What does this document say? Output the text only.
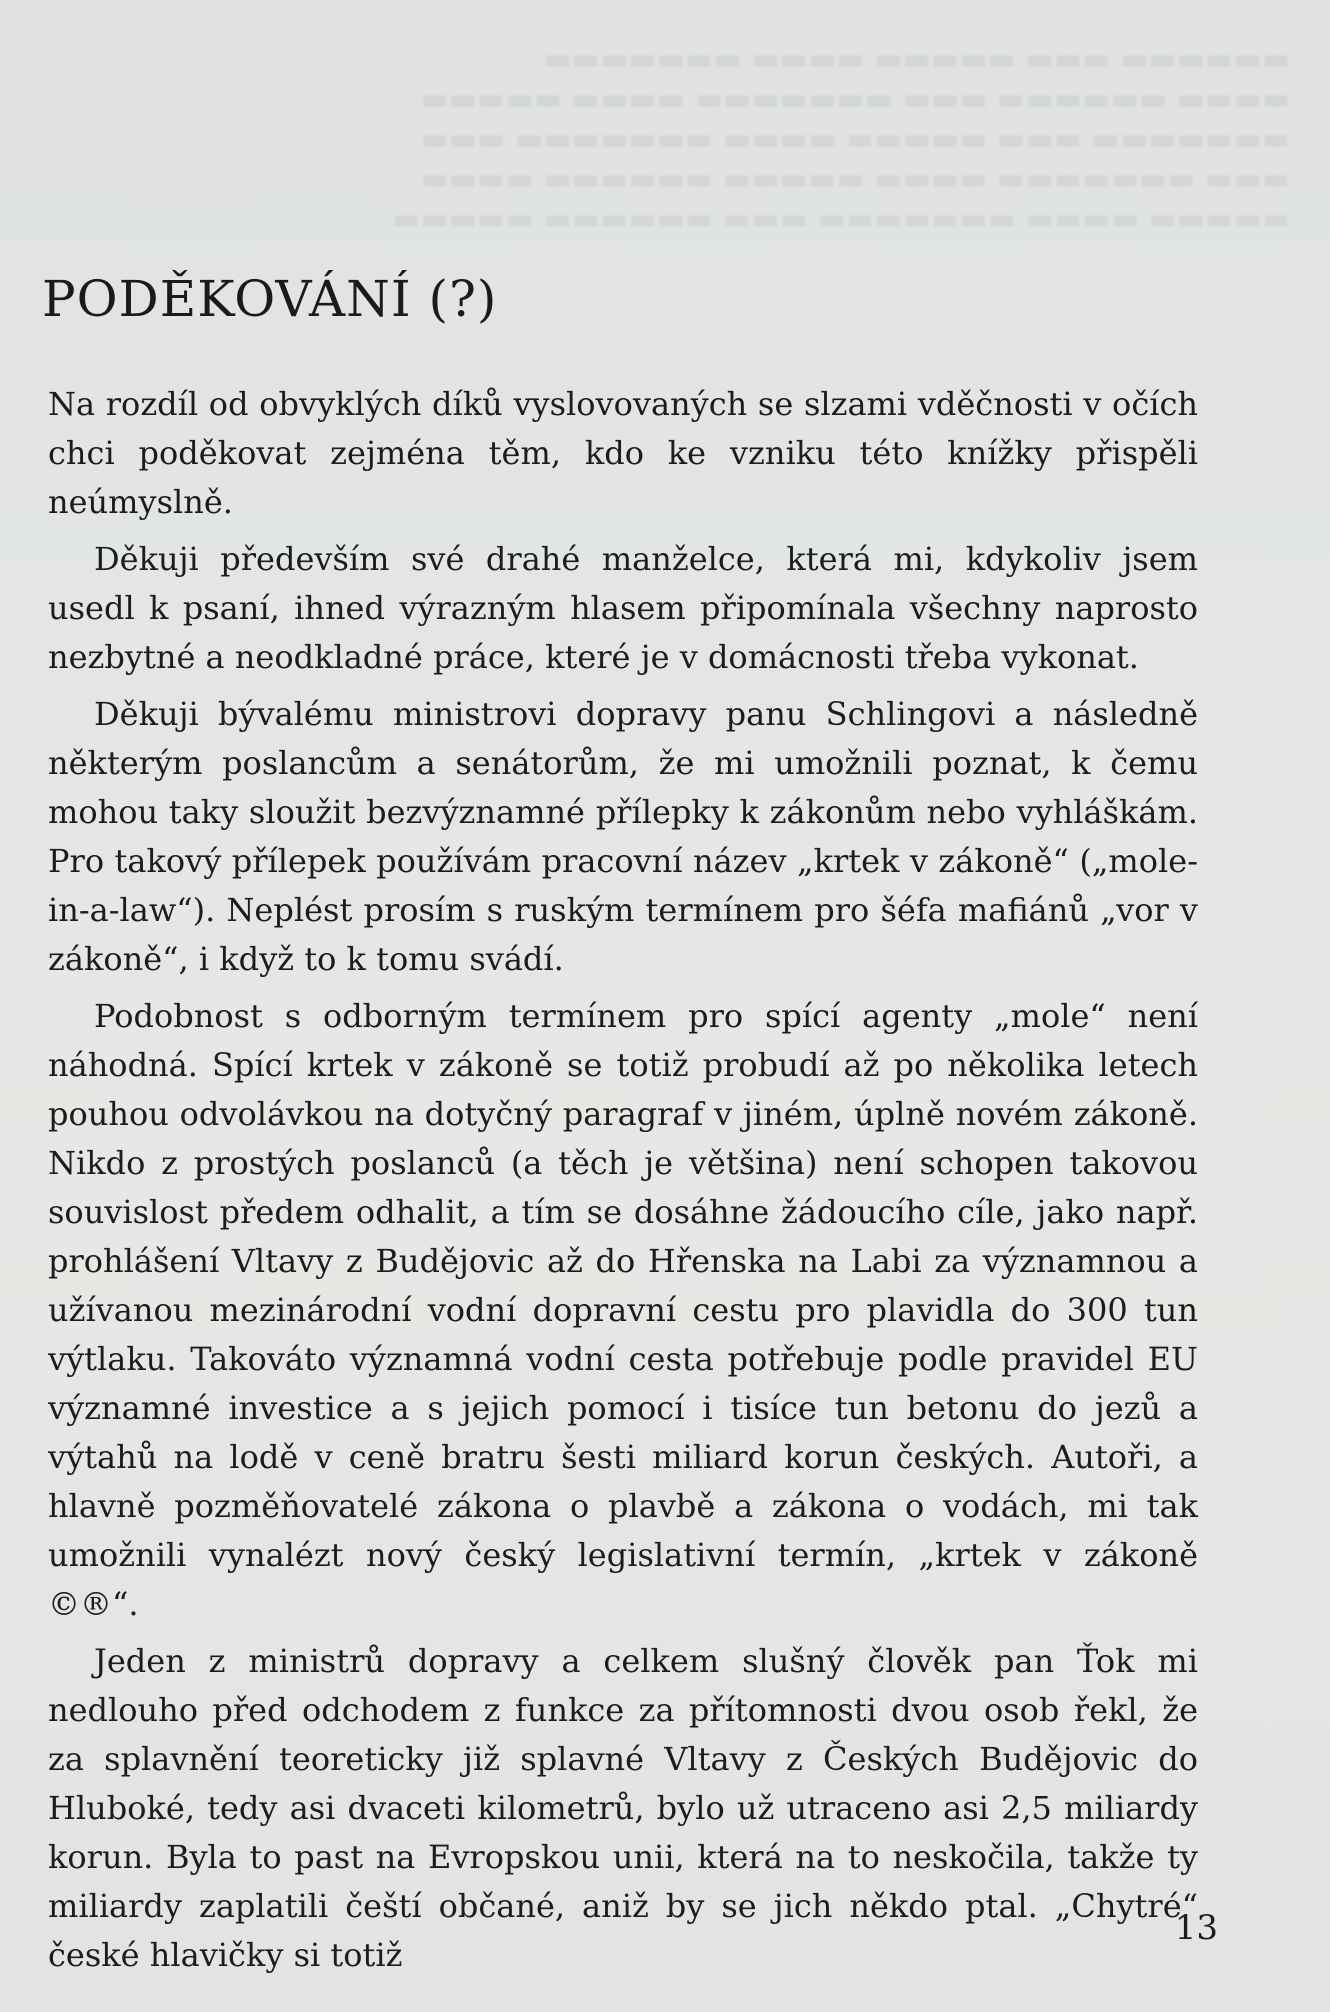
▬▬▬▬▬▬ ▬▬▬ ▬▬▬▬▬ ▬▬▬▬ ▬▬▬▬▬▬▬
▬▬▬▬ ▬▬▬▬▬▬ ▬▬▬ ▬▬▬▬▬▬▬ ▬▬▬▬ ▬▬▬▬▬
▬▬▬▬▬▬▬ ▬▬▬ ▬▬▬▬▬ ▬▬▬▬ ▬▬▬▬▬▬▬ ▬▬▬
▬▬▬ ▬▬▬▬▬▬▬ ▬▬▬▬ ▬▬▬▬▬ ▬▬▬▬▬▬ ▬▬▬▬
▬▬▬▬▬ ▬▬▬▬ ▬▬▬▬▬▬▬ ▬▬▬ ▬▬▬▬▬▬ ▬▬▬▬▬
PODĚKOVÁNÍ (?)

Na rozdíl od obvyklých díků vyslovovaných se slzami vděčnosti v očích chci poděkovat zejména těm, kdo ke vzniku této knížky přispěli neúmyslně.

Děkuji především své drahé manželce, která mi, kdykoliv jsem usedl k psaní, ihned výrazným hlasem připomínala všechny naprosto nezbytné a neodkladné práce, které je v domácnosti třeba vykonat.

Děkuji bývalému ministrovi dopravy panu Schlingovi a následně některým poslancům a senátorům, že mi umožnili poznat, k čemu mohou taky sloužit bezvýznamné přílepky k zákonům nebo vyhláškám. Pro takový přílepek používám pracovní název „krtek v zákoně“ („mole-in-a-law“). Neplést prosím s ruským termínem pro šéfa mafiánů „vor v zákoně“, i když to k tomu svádí.

Podobnost s odborným termínem pro spící agenty „mole“ není náhodná. Spící krtek v zákoně se totiž probudí až po několika letech pouhou odvolávkou na dotyčný paragraf v jiném, úplně novém zákoně. Nikdo z prostých poslanců (a těch je většina) není schopen takovou souvislost předem odhalit, a tím se dosáhne žádoucího cíle, jako např. prohlášení Vltavy z Budějovic až do Hřenska na Labi za významnou a užívanou mezinárodní vodní dopravní cestu pro plavidla do 300 tun výtlaku. Takováto významná vodní cesta potřebuje podle pravidel EU významné investice a s jejich pomocí i tisíce tun betonu do jezů a výtahů na lodě v ceně bratru šesti miliard korun českých. Autoři, a hlavně pozměňovatelé zákona o plavbě a zákona o vodách, mi tak umožnili vynalézt nový český legislativní termín, „krtek v zákoně ©®“.

Jeden z ministrů dopravy a celkem slušný člověk pan Ťok mi nedlouho před odchodem z funkce za přítomnosti dvou osob řekl, že za splavnění teoreticky již splavné Vltavy z Českých Budějovic do Hluboké, tedy asi dvaceti kilometrů, bylo už utraceno asi 2,5 miliardy korun. Byla to past na Evropskou unii, která na to neskočila, takže ty miliardy zaplatili čeští občané, aniž by se jich někdo ptal. „Chytré“ české hlavičky si totiž

13
